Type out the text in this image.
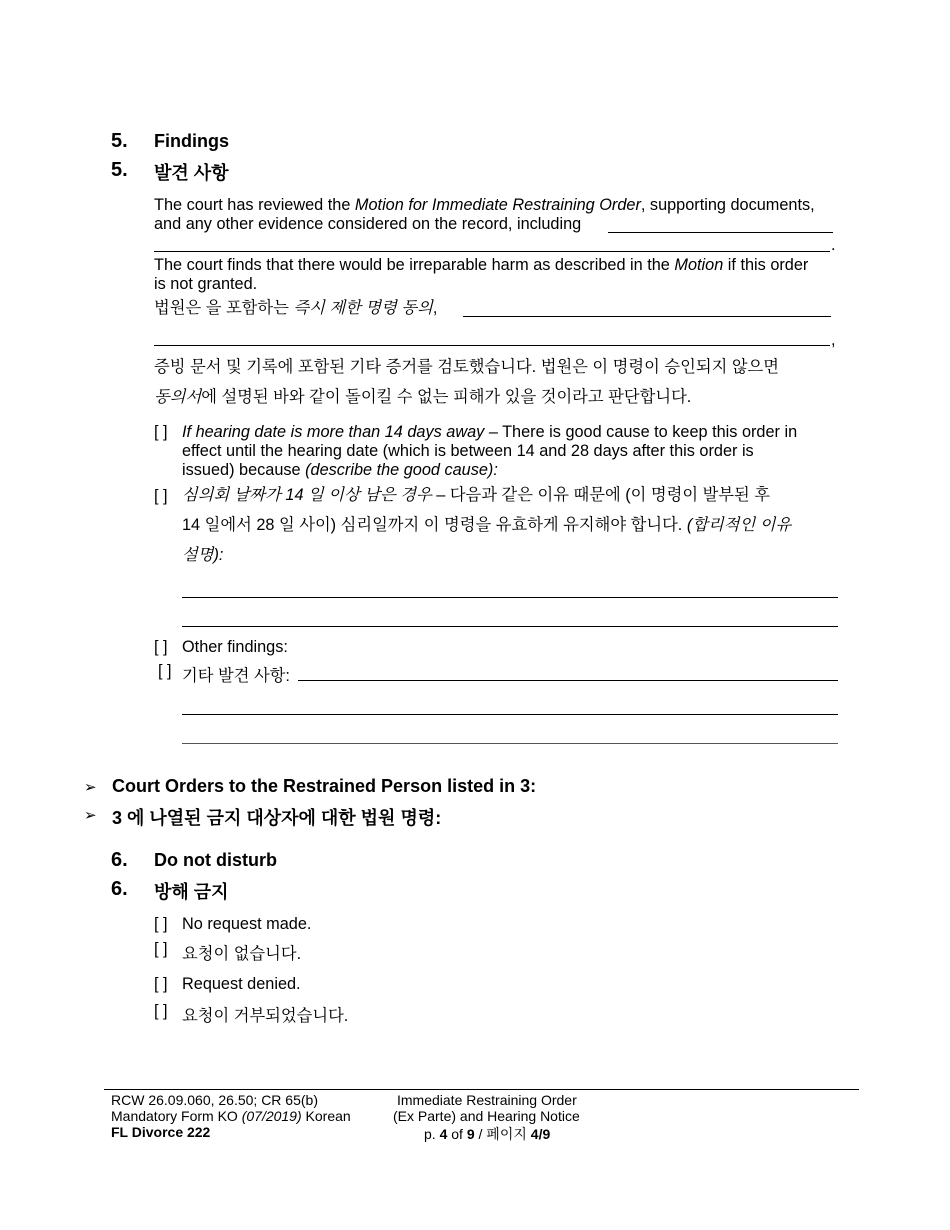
5. Findings
5. 발견 사항
The court has reviewed the Motion for Immediate Restraining Order, supporting documents,
and any other evidence considered on the record, including
.
The court finds that there would be irreparable harm as described in the Motion if this order
is not granted.
법원은 을 포함하는 즉시 제한 명령 동의,
,
증빙 문서 및 기록에 포함된 기타 증거를 검토했습니다. 법원은 이 명령이 승인되지 않으면
동의서에 설명된 바와 같이 돌이킬 수 없는 피해가 있을 것이라고 판단합니다.
[ ] If hearing date is more than 14 days away – There is good cause to keep this order in
effect until the hearing date (which is between 14 and 28 days after this order is
issued) because (describe the good cause):
[ ] 심의회 날짜가 14 일 이상 남은 경우 – 다음과 같은 이유 때문에 (이 명령이 발부된 후
14 일에서 28 일 사이) 심리일까지 이 명령을 유효하게 유지해야 합니다. (합리적인 이유
설명):
[ ] Other findings:
[ ] 기타 발견 사항:
➢ Court Orders to the Restrained Person listed in 3:
➢ 3 에 나열된 금지 대상자에 대한 법원 명령:
6. Do not disturb
6. 방해 금지
[ ] No request made.
[ ] 요청이 없습니다.
[ ] Request denied.
[ ] 요청이 거부되었습니다.
RCW 26.09.060, 26.50; CR 65(b)
Mandatory Form KO (07/2019) Korean
FL Divorce 222
Immediate Restraining Order
(Ex Parte) and Hearing Notice
p. 4 of 9 / 페이지 4/9
